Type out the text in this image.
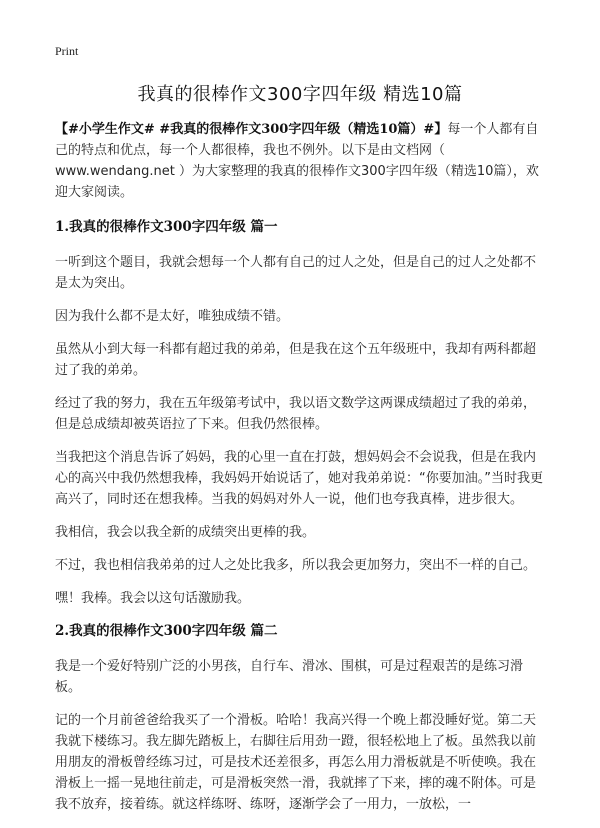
Print
我真的很棒作文300字四年级 精选10篇

【#小学生作文# #我真的很棒作文300字四年级（精选10篇）#】每一个人都有自己的特点和优点，每一个人都很棒，我也不例外。以下是由文档网（ www.wendang.net ）为大家整理的我真的很棒作文300字四年级（精选10篇），欢迎大家阅读。

1.我真的很棒作文300字四年级 篇一

一听到这个题目，我就会想每一个人都有自己的过人之处，但是自己的过人之处都不是太为突出。

因为我什么都不是太好，唯独成绩不错。

虽然从小到大每一科都有超过我的弟弟，但是我在这个五年级班中，我却有两科都超过了我的弟弟。

经过了我的努力，我在五年级第考试中，我以语文数学这两课成绩超过了我的弟弟，但是总成绩却被英语拉了下来。但我仍然很棒。

当我把这个消息告诉了妈妈，我的心里一直在打鼓，想妈妈会不会说我，但是在我内心的高兴中我仍然想我棒，我妈妈开始说话了，她对我弟弟说：“你要加油。”当时我更高兴了，同时还在想我棒。当我的妈妈对外人一说，他们也夸我真棒，进步很大。

我相信，我会以我全新的成绩突出更棒的我。

不过，我也相信我弟弟的过人之处比我多，所以我会更加努力，突出不一样的自己。

嘿！我棒。我会以这句话激励我。

2.我真的很棒作文300字四年级 篇二

我是一个爱好特别广泛的小男孩，自行车、滑冰、围棋，可是过程艰苦的是练习滑板。

记的一个月前爸爸给我买了一个滑板。哈哈！我高兴得一个晚上都没睡好觉。第二天我就下楼练习。我左脚先踏板上，右脚往后用劲一蹬，很轻松地上了板。虽然我以前用朋友的滑板曾经练习过，可是技术还差很多，再怎么用力滑板就是不听使唤。我在滑板上一摇一晃地往前走，可是滑板突然一滑，我就摔了下来，摔的魂不附体。可是我不放弃，接着练。就这样练呀、练呀，逐渐学会了一用力，一放松，一
